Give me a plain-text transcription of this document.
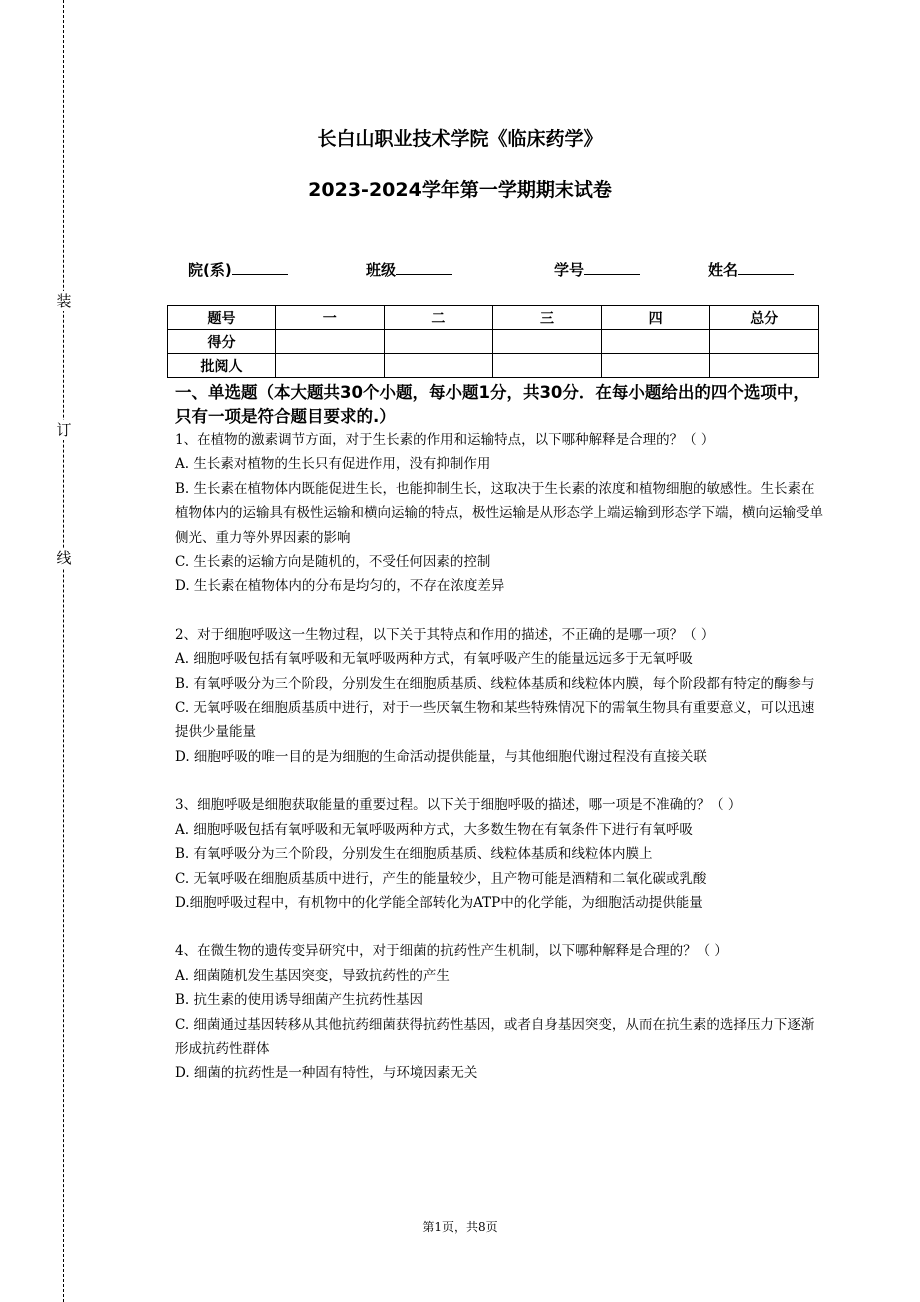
装
订
线
长白山职业技术学院《临床药学》
2023-2024学年第一学期期末试卷
院(系)	班级	学号	姓名
题号	一	二	三	四	总分
得分					
批阅人					
一、单选题（本大题共30个小题，每小题1分，共30分．在每小题给出的四个选项中，只有一项是符合题目要求的.）

1、在植物的激素调节方面，对于生长素的作用和运输特点，以下哪种解释是合理的？（ ）

A. 生长素对植物的生长只有促进作用，没有抑制作用

B. 生长素在植物体内既能促进生长，也能抑制生长，这取决于生长素的浓度和植物细胞的敏感性。生长素在植物体内的运输具有极性运输和横向运输的特点，极性运输是从形态学上端运输到形态学下端，横向运输受单侧光、重力等外界因素的影响

C. 生长素的运输方向是随机的，不受任何因素的控制

D. 生长素在植物体内的分布是均匀的，不存在浓度差异

2、对于细胞呼吸这一生物过程，以下关于其特点和作用的描述，不正确的是哪一项？（ ）

A. 细胞呼吸包括有氧呼吸和无氧呼吸两种方式，有氧呼吸产生的能量远远多于无氧呼吸

B. 有氧呼吸分为三个阶段，分别发生在细胞质基质、线粒体基质和线粒体内膜，每个阶段都有特定的酶参与

C. 无氧呼吸在细胞质基质中进行，对于一些厌氧生物和某些特殊情况下的需氧生物具有重要意义，可以迅速提供少量能量

D. 细胞呼吸的唯一目的是为细胞的生命活动提供能量，与其他细胞代谢过程没有直接关联

3、细胞呼吸是细胞获取能量的重要过程。以下关于细胞呼吸的描述，哪一项是不准确的？（ ）

A. 细胞呼吸包括有氧呼吸和无氧呼吸两种方式，大多数生物在有氧条件下进行有氧呼吸

B. 有氧呼吸分为三个阶段，分别发生在细胞质基质、线粒体基质和线粒体内膜上

C. 无氧呼吸在细胞质基质中进行，产生的能量较少，且产物可能是酒精和二氧化碳或乳酸

D.细胞呼吸过程中，有机物中的化学能全部转化为ATP中的化学能，为细胞活动提供能量

4、在微生物的遗传变异研究中，对于细菌的抗药性产生机制，以下哪种解释是合理的？（ ）

A. 细菌随机发生基因突变，导致抗药性的产生

B. 抗生素的使用诱导细菌产生抗药性基因

C. 细菌通过基因转移从其他抗药细菌获得抗药性基因，或者自身基因突变，从而在抗生素的选择压力下逐渐形成抗药性群体

D. 细菌的抗药性是一种固有特性，与环境因素无关

第1页，共8页
